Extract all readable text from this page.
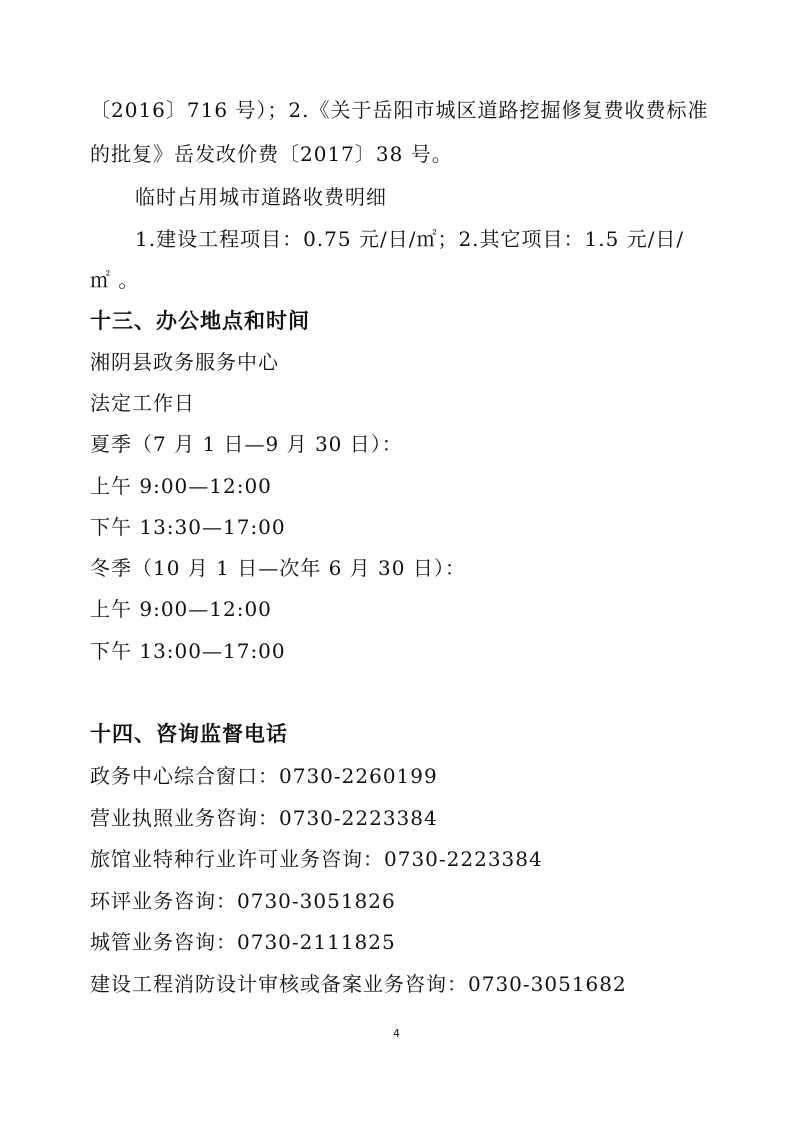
〔2016〕716 号）；2.《关于岳阳市城区道路挖掘修复费收费标准
的批复》岳发改价费〔2017〕38 号。
临时占用城市道路收费明细
1.建设工程项目：0.75 元/日/㎡；2.其它项目：1.5 元/日/
㎡ 。
十三、办公地点和时间
湘阴县政务服务中心
法定工作日
夏季（7 月 1 日—9 月 30 日）：
上午 9:00—12:00
下午 13:30—17:00
冬季（10 月 1 日—次年 6 月 30 日）：
上午 9:00—12:00
下午 13:00—17:00
十四、咨询监督电话
政务中心综合窗口：0730-2260199
营业执照业务咨询：0730-2223384
旅馆业特种行业许可业务咨询：0730-2223384
环评业务咨询：0730-3051826
城管业务咨询：0730-2111825
建设工程消防设计审核或备案业务咨询：0730-3051682
4
